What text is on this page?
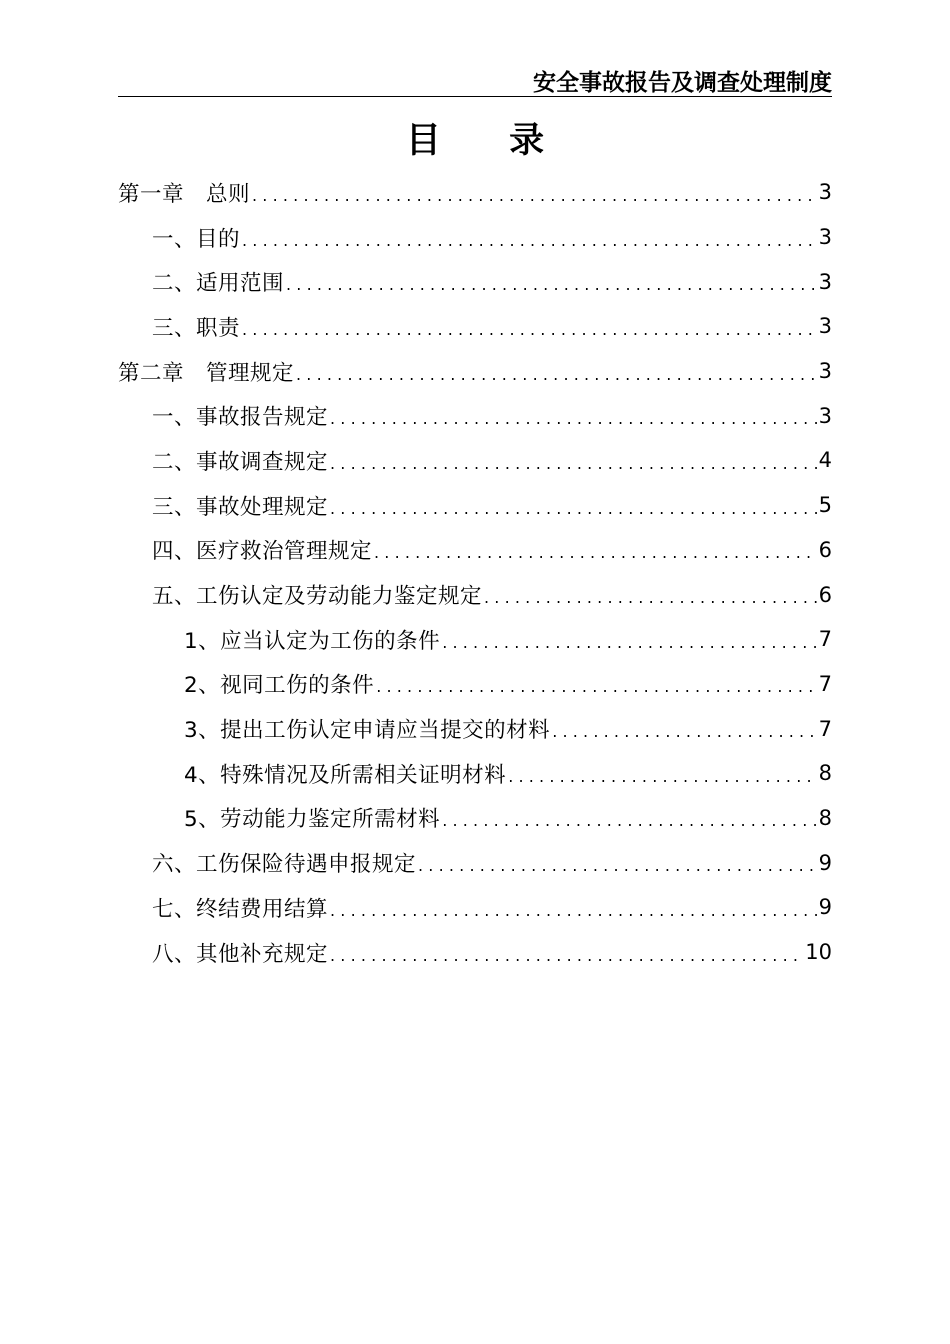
安全事故报告及调查处理制度
目 录
第一章　总则 .....	3
一、目的 .....	3
二、适用范围 .....	3
三、职责 .....	3
第二章　管理规定 .....	3
一、事故报告规定 .....	3
二、事故调查规定 .....	4
三、事故处理规定 .....	5
四、医疗救治管理规定 .....	6
五、工伤认定及劳动能力鉴定规定 .....	6
1、应当认定为工伤的条件 .....	7
2、视同工伤的条件 .....	7
3、提出工伤认定申请应当提交的材料 .....	7
4、特殊情况及所需相关证明材料 .....	8
5、劳动能力鉴定所需材料 .....	8
六、工伤保险待遇申报规定 .....	9
七、终结费用结算 .....	9
八、其他补充规定 .....	10
